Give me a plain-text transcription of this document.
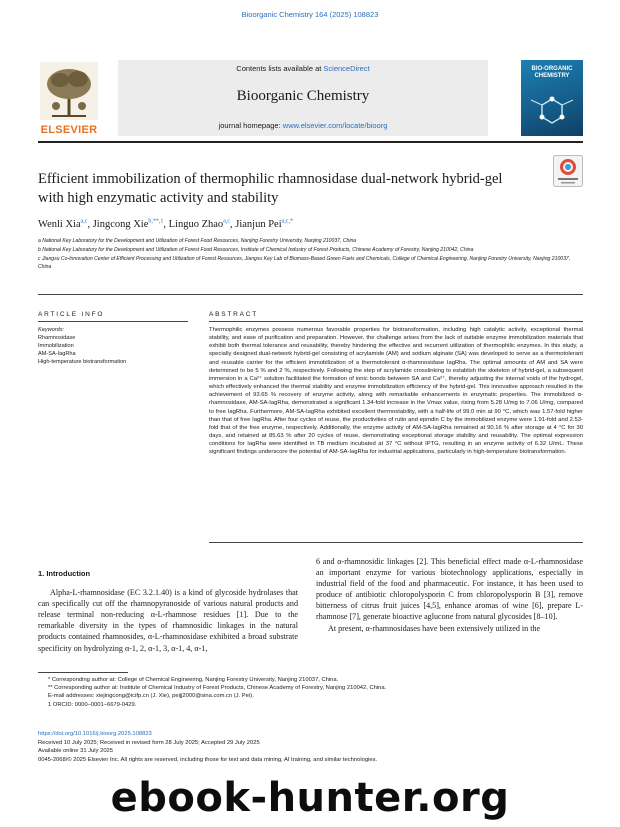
Bioorganic Chemistry 164 (2025) 108823
ELSEVIER
Contents lists available at ScienceDirect
Bioorganic Chemistry
journal homepage: www.elsevier.com/locate/bioorg
BIO-ORGANIC CHEMISTRY
Efficient immobilization of thermophilic rhamnosidase dual-network hybrid-gel with high enzymatic activity and stability
Wenli Xia$^{a,c}$, Jingcong Xie$^{b,**,1}$, Linguo Zhao$^{a,c}$, Jianjun Pei$^{a,c,*}$

a National Key Laboratory for the Development and Utilization of Forest Food Resources, Nanjing Forestry University, Nanjing 210037, China

b National Key Laboratory for the Development and Utilization of Forest Food Resources, Institute of Chemical Industry of Forest Products, Chinese Academy of Forestry, Nanjing 210042, China

c Jiangsu Co-Innovation Center of Efficient Processing and Utilization of Forest Resources, Jiangsu Key Lab of Biomass-Based Green Fuels and Chemicals, College of Chemical Engineering, Nanjing Forestry University, Nanjing 210037, China

ARTICLE INFO
Keywords:
Rhamnosidase
Immobilization
AM-SA-IagRha
High-temperature biotransformation
ABSTRACT
Thermophilic enzymes possess numerous favorable properties for biotransformation, including high catalytic activity, exceptional thermal stability, and ease of purification and preparation. However, the challenge arises from the lack of suitable enzyme immobilization materials that exhibit both thermal tolerance and reusability, thereby hindering the effective and recurrent utilization of thermophilic enzymes. In this study, a specially designed dual-network hybrid-gel consisting of acrylamide (AM) and sodium alginate (SA) was developed to serve as a thermotolerant and reusable carrier for the efficient immobilization of a thermotolerant α-rhamnosidase IagRha. The optimal amounts of AM and SA were determined to be 5 % and 2 %, respectively. Following the step of acrylamide crosslinking to establish the skeleton of hybrid-gel, a subsequent immersion in a Ca²⁺ solution facilitated the formation of ionic bonds between SA and Ca²⁺, thereby adjusting the internal voids of the hydrogel, which effectively enhanced the thermal stability and enzyme immobilization efficiency of the hybrid-gel. This innovative approach resulted in the achievement of 93.65 % recovery of enzyme activity, along with remarkable enhancements in enzymatic properties. The immobilized α-rhamnosidase, AM-SA-IagRha, demonstrated a significant 1.34-fold increase in the Vmax value, rising from 5.28 U/mg to 7.06 U/mg, compared to free IagRha. Furthermore, AM-SA-IagRha exhibited excellent thermostability, with a half-life of 99.0 min at 90 °C, which was 1.57-fold higher than that of free IagRha. After four cycles of reuse, the productivities of rutin and epmdin C by the immobilized enzyme were 1.91-fold and 2.53-fold that of the free enzyme, respectively. Additionally, the enzyme activity of AM-SA-IagRha remained at 90.16 % after storage at 4 °C for 30 days, and retained at 85.63 % after 20 cycles of reuse, demonstrating exceptional storage stability and reusability. The optimal expression conditions for IagRha were identified in TB medium incubated at 37 °C without IPTG, resulting in an enzyme activity of 6.32 U/mL. These significant findings underscore the potential of AM-SA-IagRha for industrial applications, particularly in high-temperature biotransformation.
1. Introduction
Alpha-L-rhamnosidase (EC 3.2.1.40) is a kind of glycoside hydrolases that can specifically cut off the rhamnopyranoside of various natural products and release terminal non-reducing α-L-rhamnose residues [1]. Due to the remarkable diversity in the types of rhamnosidic linkages in the natural products contained rhamnosides, α-L-rhamnosidase exhibited a broad substrate specificity on hydrolyzing α-1, 2, α-1, 3, α-1, 4, α-1,
6 and α-rhamnosidic linkages [2]. This beneficial effect made α-L-rhamnosidase an important enzyme for various biotechnology applications, especially in industrial field of the food and pharmaceutic. For instance, it has been used to produce of antibiotic chloropolysporin C from chloropolysporin B [3], remove bitterness of citrus fruit juices [4,5], enhance aromas of wine [6], prepare L-rhamnose [7], generate bioactive aglucone from natural glycosides [8–10].
At present, α-rhamnosidases have been extensively utilized in the

* Corresponding author at: College of Chemical Engineering, Nanjing Forestry University, Nanjing 210037, China.

** Corresponding author at: Institute of Chemical Industry of Forest Products, Chinese Academy of Forestry, Nanjing 210042, China.

E-mail addresses: xiejingcong@icifp.cn (J. Xie), peijj2000@sina.com.cn (J. Pei).

1 ORCID: 0000–0001–6679-0429.

https://doi.org/10.1016/j.bioorg.2025.108823

Received 10 July 2025; Received in revised form 28 July 2025; Accepted 29 July 2025

Available online 31 July 2025

0045-2068/© 2025 Elsevier Inc. All rights are reserved, including those for text and data mining, AI training, and similar technologies.

ebook-hunter.org
